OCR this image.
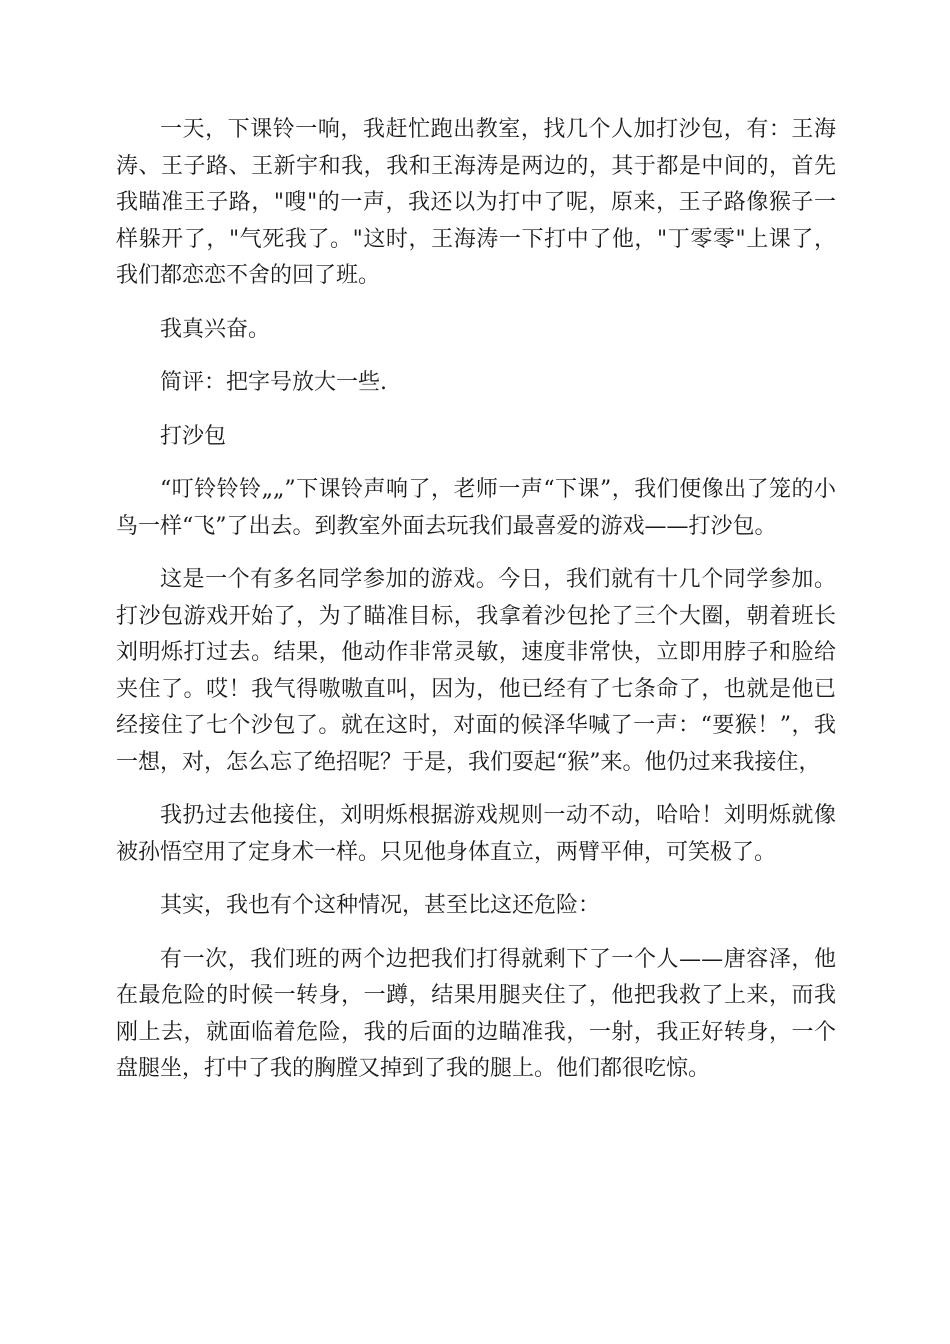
一天，下课铃一响，我赶忙跑出教室，找几个人加打沙包，有：王海涛、王子路、王新宇和我，我和王海涛是两边的，其于都是中间的，首先我瞄准王子路，"嗖"的一声，我还以为打中了呢，原来，王子路像猴子一样躲开了，"气死我了。"这时，王海涛一下打中了他，"丁零零"上课了，我们都恋恋不舍的回了班。

我真兴奋。

简评：把字号放大一些.

打沙包

“叮铃铃铃„„”下课铃声响了，老师一声“下课”，我们便像出了笼的小鸟一样“飞”了出去。到教室外面去玩我们最喜爱的游戏——打沙包。

这是一个有多名同学参加的游戏。今日，我们就有十几个同学参加。打沙包游戏开始了，为了瞄准目标，我拿着沙包抡了三个大圈，朝着班长刘明烁打过去。结果，他动作非常灵敏，速度非常快，立即用脖子和脸给夹住了。哎！我气得嗷嗷直叫，因为，他已经有了七条命了，也就是他已经接住了七个沙包了。就在这时，对面的候泽华喊了一声：“要猴！”，我一想，对，怎么忘了绝招呢？于是，我们耍起“猴”来。他仍过来我接住，

我扔过去他接住，刘明烁根据游戏规则一动不动，哈哈！刘明烁就像被孙悟空用了定身术一样。只见他身体直立，两臂平伸，可笑极了。

其实，我也有个这种情况，甚至比这还危险：

有一次，我们班的两个边把我们打得就剩下了一个人——唐容泽，他在最危险的时候一转身，一蹲，结果用腿夹住了，他把我救了上来，而我刚上去，就面临着危险，我的后面的边瞄准我，一射，我正好转身，一个盘腿坐，打中了我的胸膛又掉到了我的腿上。他们都很吃惊。
